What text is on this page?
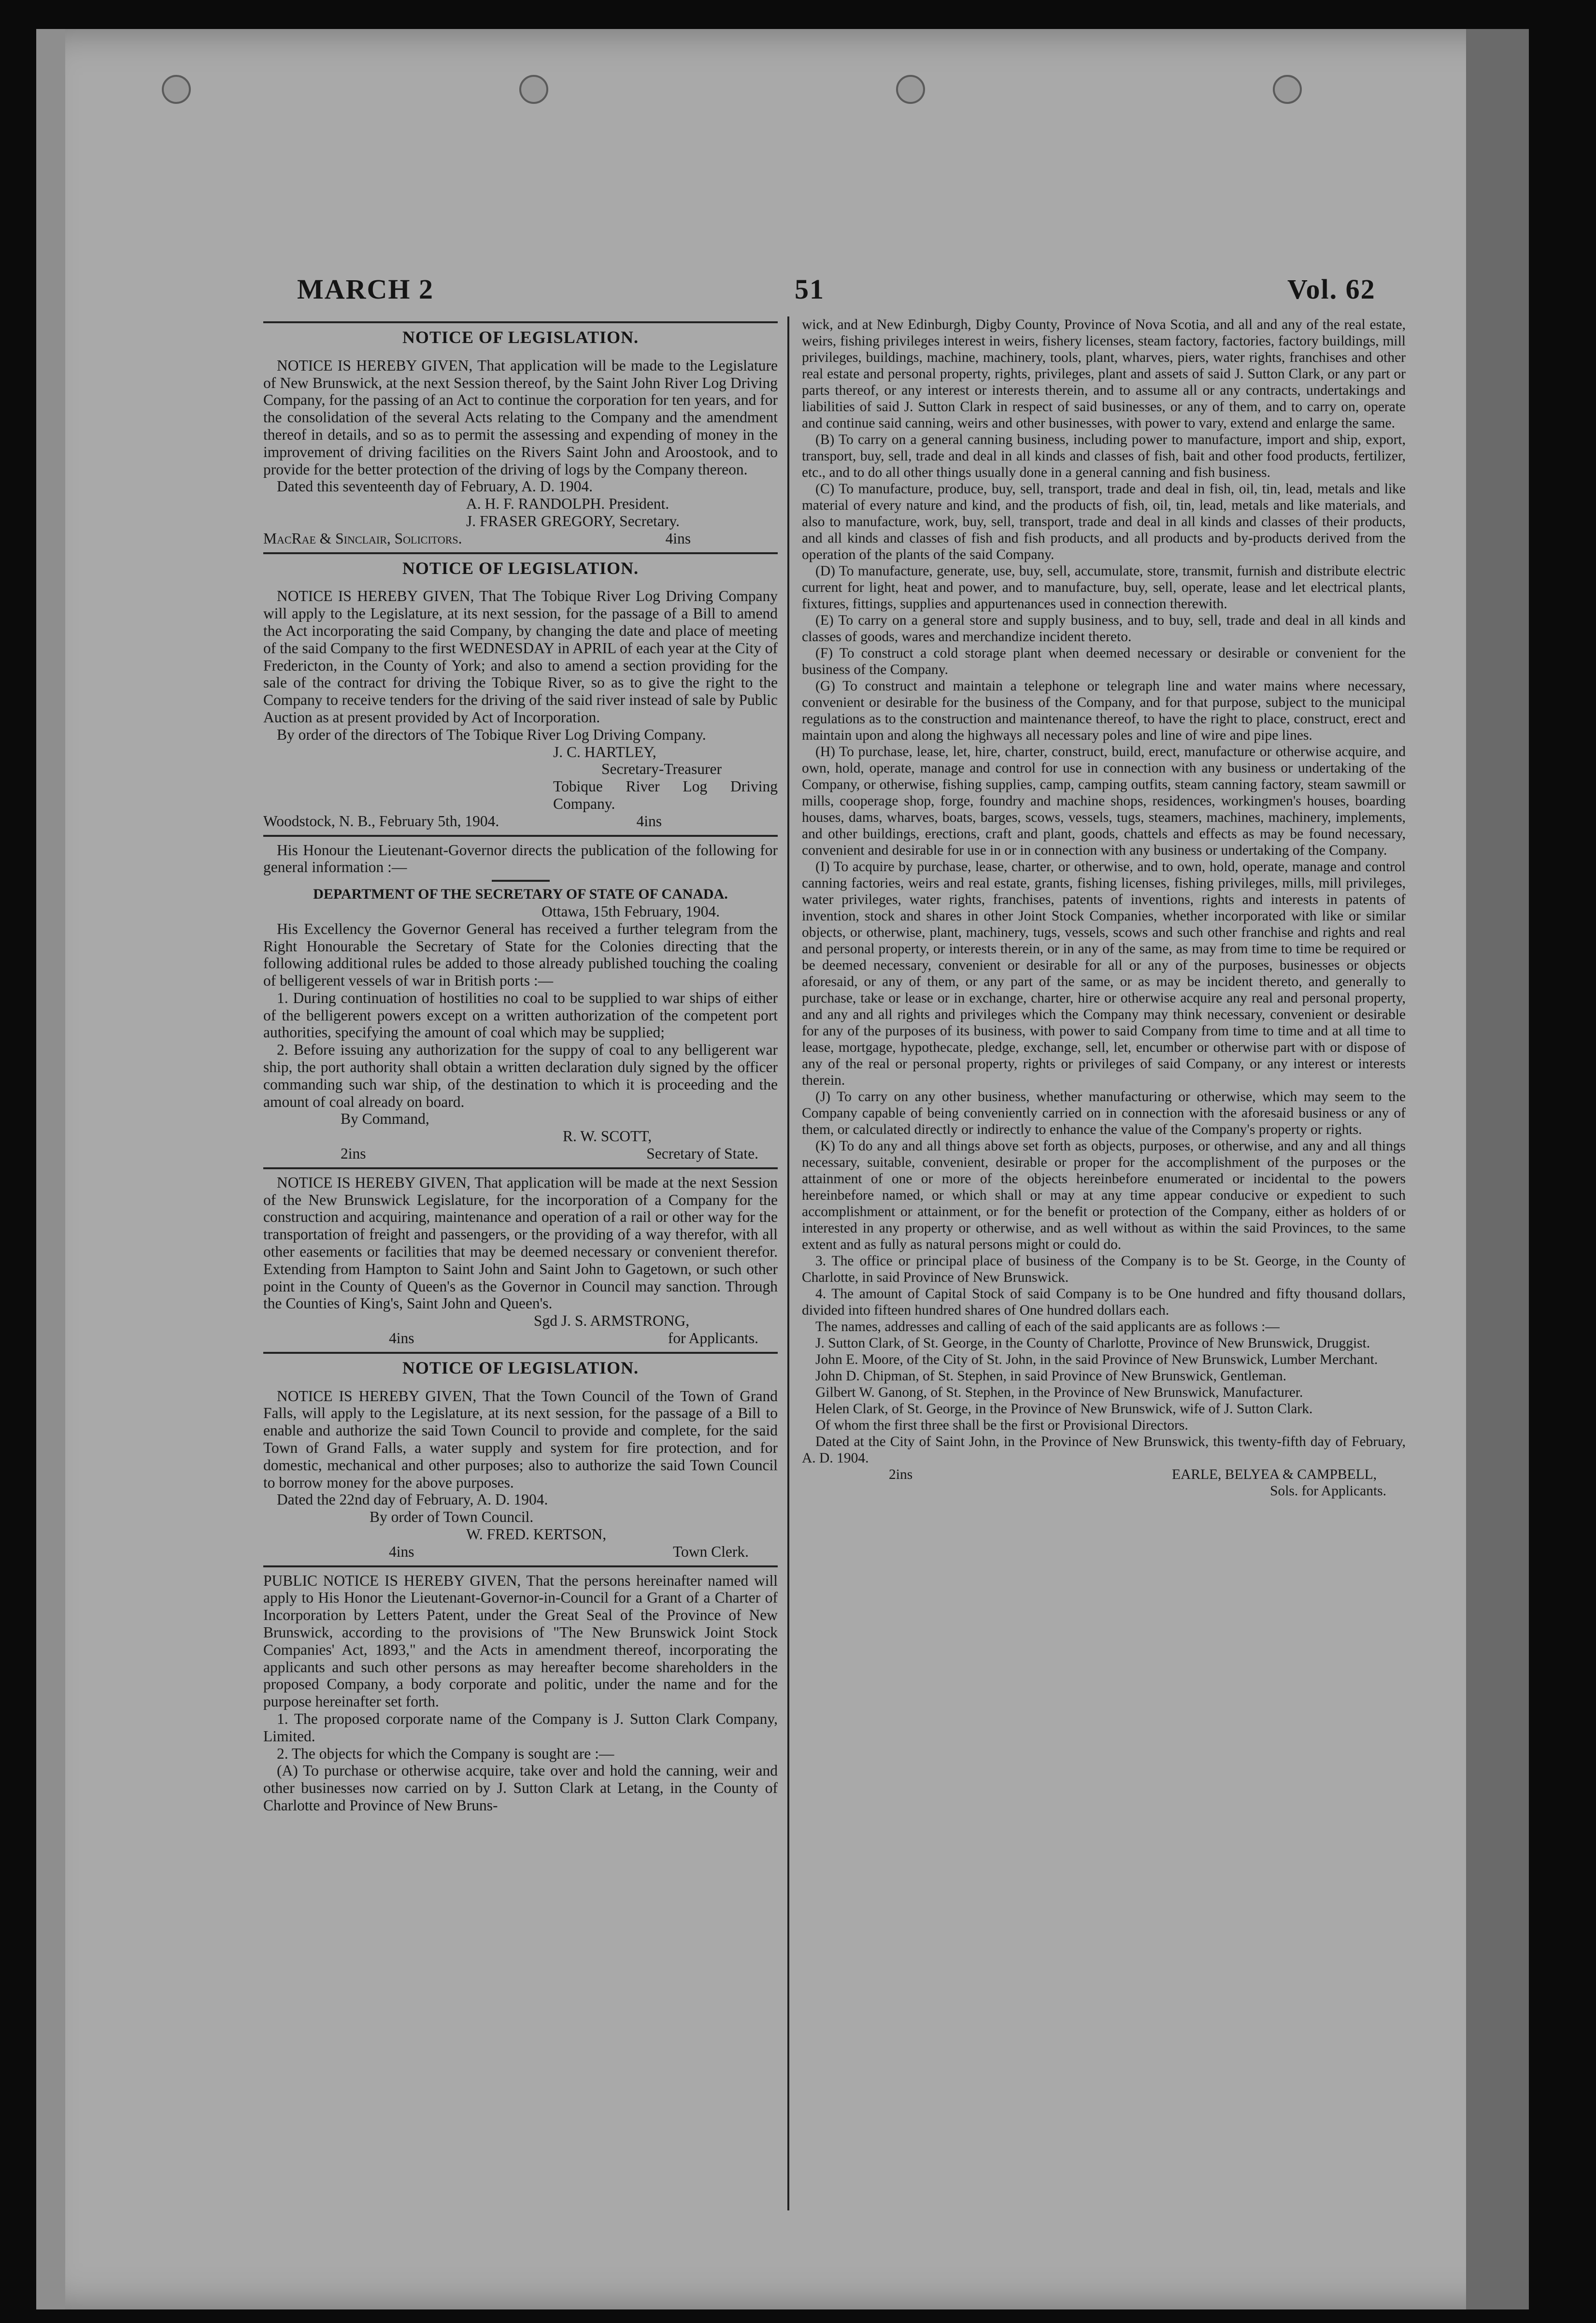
MARCH 2	51	Vol. 62
NOTICE OF LEGISLATION.

NOTICE IS HEREBY GIVEN, That application will be made to the Legislature of New Brunswick, at the next Session thereof, by the Saint John River Log Driving Company, for the passing of an Act to continue the corporation for ten years, and for the consolidation of the several Acts relating to the Company and the amendment thereof in details, and so as to permit the assessing and expending of money in the improvement of driving facilities on the Rivers Saint John and Aroostook, and to provide for the better protection of the driving of logs by the Company thereon.

Dated this seventeenth day of February, A. D. 1904.

A. H. F. RANDOLPH. President.
J. FRASER GREGORY, Secretary.
MacRae & Sinclair, Solicitors.	4ins
NOTICE OF LEGISLATION.

NOTICE IS HEREBY GIVEN, That The Tobique River Log Driving Company will apply to the Legislature, at its next session, for the passage of a Bill to amend the Act incorporating the said Company, by changing the date and place of meeting of the said Company to the first WEDNESDAY in APRIL of each year at the City of Fredericton, in the County of York; and also to amend a section providing for the sale of the contract for driving the Tobique River, so as to give the right to the Company to receive tenders for the driving of the said river instead of sale by Public Auction as at present provided by Act of Incorporation.

By order of the directors of The Tobique River Log Driving Company.

J. C. HARTLEY,
Secretary-Treasurer
Tobique River Log Driving Company.
Woodstock, N. B., February 5th, 1904.	4ins

His Honour the Lieutenant-Governor directs the publication of the following for general information :—

DEPARTMENT OF THE SECRETARY OF STATE OF CANADA.
Ottawa, 15th February, 1904.

His Excellency the Governor General has received a further telegram from the Right Honourable the Secretary of State for the Colonies directing that the following additional rules be added to those already published touching the coaling of belligerent vessels of war in British ports :—

1. During continuation of hostilities no coal to be supplied to war ships of either of the belligerent powers except on a written authorization of the competent port authorities, specifying the amount of coal which may be supplied;

2. Before issuing any authorization for the suppy of coal to any belligerent war ship, the port authority shall obtain a written declaration duly signed by the officer commanding such war ship, of the destination to which it is proceeding and the amount of coal already on board.

By Command,
R. W. SCOTT,
2ins	Secretary of State.

NOTICE IS HEREBY GIVEN, That application will be made at the next Session of the New Brunswick Legislature, for the incorporation of a Company for the construction and acquiring, maintenance and operation of a rail or other way for the transportation of freight and passengers, or the providing of a way therefor, with all other easements or facilities that may be deemed necessary or convenient therefor. Extending from Hampton to Saint John and Saint John to Gagetown, or such other point in the County of Queen's as the Governor in Council may sanction. Through the Counties of King's, Saint John and Queen's.

Sgd J. S. ARMSTRONG,
4ins	for Applicants.
NOTICE OF LEGISLATION.

NOTICE IS HEREBY GIVEN, That the Town Council of the Town of Grand Falls, will apply to the Legislature, at its next session, for the passage of a Bill to enable and authorize the said Town Council to provide and complete, for the said Town of Grand Falls, a water supply and system for fire protection, and for domestic, mechanical and other purposes; also to authorize the said Town Council to borrow money for the above purposes.

Dated the 22nd day of February, A. D. 1904.

By order of Town Council.
W. FRED. KERTSON,
4ins	Town Clerk.

PUBLIC NOTICE IS HEREBY GIVEN, That the persons hereinafter named will apply to His Honor the Lieutenant-Governor-in-Council for a Grant of a Charter of Incorporation by Letters Patent, under the Great Seal of the Province of New Brunswick, according to the provisions of "The New Brunswick Joint Stock Companies' Act, 1893," and the Acts in amendment thereof, incorporating the applicants and such other persons as may hereafter become shareholders in the proposed Company, a body corporate and politic, under the name and for the purpose hereinafter set forth.

1. The proposed corporate name of the Company is J. Sutton Clark Company, Limited.

2. The objects for which the Company is sought are :—

(A) To purchase or otherwise acquire, take over and hold the canning, weir and other businesses now carried on by J. Sutton Clark at Letang, in the County of Charlotte and Province of New Bruns-

wick, and at New Edinburgh, Digby County, Province of Nova Scotia, and all and any of the real estate, weirs, fishing privileges interest in weirs, fishery licenses, steam factory, factories, factory buildings, mill privileges, buildings, machine, machinery, tools, plant, wharves, piers, water rights, franchises and other real estate and personal property, rights, privileges, plant and assets of said J. Sutton Clark, or any part or parts thereof, or any interest or interests therein, and to assume all or any contracts, undertakings and liabilities of said J. Sutton Clark in respect of said businesses, or any of them, and to carry on, operate and continue said canning, weirs and other businesses, with power to vary, extend and enlarge the same.

(B) To carry on a general canning business, including power to manufacture, import and ship, export, transport, buy, sell, trade and deal in all kinds and classes of fish, bait and other food products, fertilizer, etc., and to do all other things usually done in a general canning and fish business.

(C) To manufacture, produce, buy, sell, transport, trade and deal in fish, oil, tin, lead, metals and like material of every nature and kind, and the products of fish, oil, tin, lead, metals and like materials, and also to manufacture, work, buy, sell, transport, trade and deal in all kinds and classes of their products, and all kinds and classes of fish and fish products, and all products and by-products derived from the operation of the plants of the said Company.

(D) To manufacture, generate, use, buy, sell, accumulate, store, transmit, furnish and distribute electric current for light, heat and power, and to manufacture, buy, sell, operate, lease and let electrical plants, fixtures, fittings, supplies and appurtenances used in connection therewith.

(E) To carry on a general store and supply business, and to buy, sell, trade and deal in all kinds and classes of goods, wares and merchandize incident thereto.

(F) To construct a cold storage plant when deemed necessary or desirable or convenient for the business of the Company.

(G) To construct and maintain a telephone or telegraph line and water mains where necessary, convenient or desirable for the business of the Company, and for that purpose, subject to the municipal regulations as to the construction and maintenance thereof, to have the right to place, construct, erect and maintain upon and along the highways all necessary poles and line of wire and pipe lines.

(H) To purchase, lease, let, hire, charter, construct, build, erect, manufacture or otherwise acquire, and own, hold, operate, manage and control for use in connection with any business or undertaking of the Company, or otherwise, fishing supplies, camp, camping outfits, steam canning factory, steam sawmill or mills, cooperage shop, forge, foundry and machine shops, residences, workingmen's houses, boarding houses, dams, wharves, boats, barges, scows, vessels, tugs, steamers, machines, machinery, implements, and other buildings, erections, craft and plant, goods, chattels and effects as may be found necessary, convenient and desirable for use in or in connection with any business or undertaking of the Company.

(I) To acquire by purchase, lease, charter, or otherwise, and to own, hold, operate, manage and control canning factories, weirs and real estate, grants, fishing licenses, fishing privileges, mills, mill privileges, water privileges, water rights, franchises, patents of inventions, rights and interests in patents of invention, stock and shares in other Joint Stock Companies, whether incorporated with like or similar objects, or otherwise, plant, machinery, tugs, vessels, scows and such other franchise and rights and real and personal property, or interests therein, or in any of the same, as may from time to time be required or be deemed necessary, convenient or desirable for all or any of the purposes, businesses or objects aforesaid, or any of them, or any part of the same, or as may be incident thereto, and generally to purchase, take or lease or in exchange, charter, hire or otherwise acquire any real and personal property, and any and all rights and privileges which the Company may think necessary, convenient or desirable for any of the purposes of its business, with power to said Company from time to time and at all time to lease, mortgage, hypothecate, pledge, exchange, sell, let, encumber or otherwise part with or dispose of any of the real or personal property, rights or privileges of said Company, or any interest or interests therein.

(J) To carry on any other business, whether manufacturing or otherwise, which may seem to the Company capable of being conveniently carried on in connection with the aforesaid business or any of them, or calculated directly or indirectly to enhance the value of the Company's property or rights.

(K) To do any and all things above set forth as objects, purposes, or otherwise, and any and all things necessary, suitable, convenient, desirable or proper for the accomplishment of the purposes or the attainment of one or more of the objects hereinbefore enumerated or incidental to the powers hereinbefore named, or which shall or may at any time appear conducive or expedient to such accomplishment or attainment, or for the benefit or protection of the Company, either as holders of or interested in any property or otherwise, and as well without as within the said Provinces, to the same extent and as fully as natural persons might or could do.

3. The office or principal place of business of the Company is to be St. George, in the County of Charlotte, in said Province of New Brunswick.

4. The amount of Capital Stock of said Company is to be One hundred and fifty thousand dollars, divided into fifteen hundred shares of One hundred dollars each.

The names, addresses and calling of each of the said applicants are as follows :—

J. Sutton Clark, of St. George, in the County of Charlotte, Province of New Brunswick, Druggist.

John E. Moore, of the City of St. John, in the said Province of New Brunswick, Lumber Merchant.

John D. Chipman, of St. Stephen, in said Province of New Brunswick, Gentleman.

Gilbert W. Ganong, of St. Stephen, in the Province of New Brunswick, Manufacturer.

Helen Clark, of St. George, in the Province of New Brunswick, wife of J. Sutton Clark.

Of whom the first three shall be the first or Provisional Directors.

Dated at the City of Saint John, in the Province of New Brunswick, this twenty-fifth day of February, A. D. 1904.

2ins	EARLE, BELYEA & CAMPBELL,
Sols. for Applicants.
